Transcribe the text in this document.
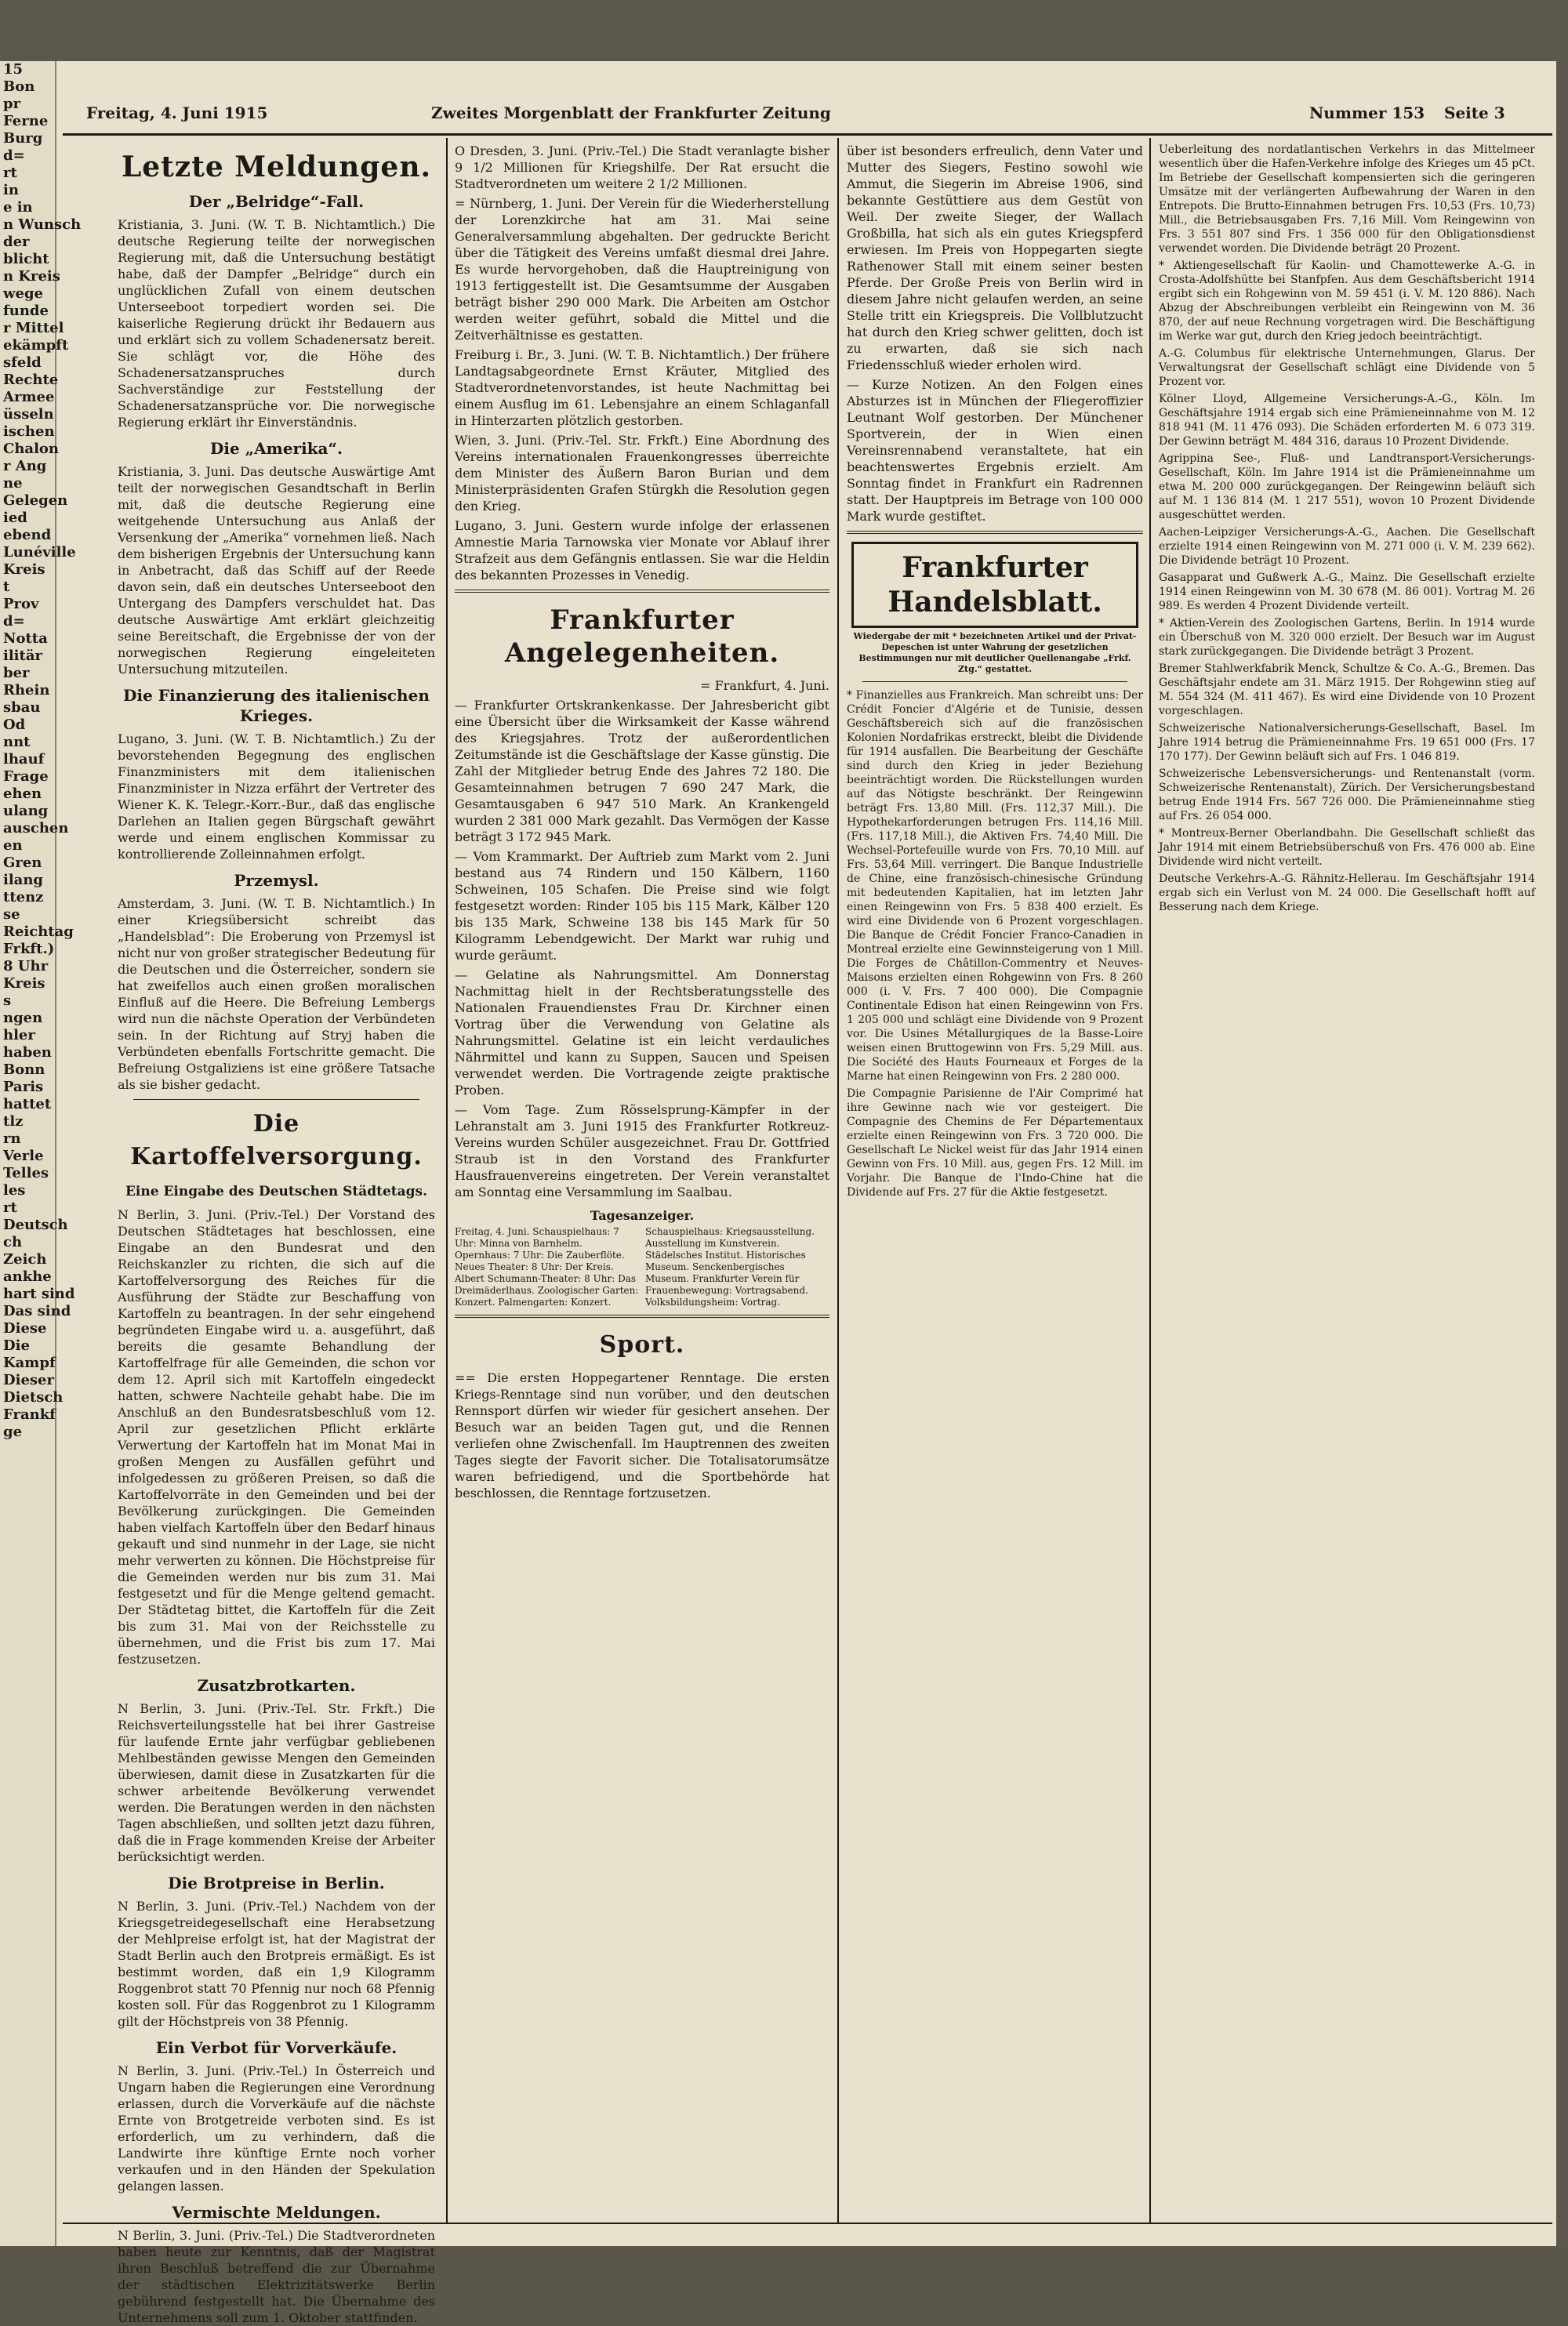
15
Bon
pr
Ferne
Burg
d=
rt
in
e in
n Wunsch
der
blicht
n Kreis
wege
funde
r Mittel
ekämpft
sfeld
Rechte
Armee
üsseln
ischen
Chalon
r Ang
ne
Gelegen
ied
ebend
Lunéville
Kreis
t
Prov
d=
Notta
ilitär
ber
Rhein
sbau
Od
nnt
lhauf
Frage
ehen
ulang
auschen
en
Gren
ilang
ttenz
se
Reichtag
Frkft.)
8 Uhr
Kreis
s
ngen
hler
haben
Bonn
Paris
hattet
tlz
rn
Verle
Telles
les
rt
Deutsch
ch
Zeich
ankhe
hart sind
Das sind
Diese
Die
Kampf
Dieser
Dietsch
Frankf
ge
Freitag, 4. Juni 1915	Zweites Morgenblatt der Frankfurter Zeitung	Nummer 153 Seite 3
Letzte Meldungen.
Der „Belridge“-Fall.

Kristiania, 3. Juni. (W. T. B. Nichtamtlich.) Die deutsche Regierung teilte der norwegischen Regierung mit, daß die Untersuchung bestätigt habe, daß der Dampfer „Belridge“ durch ein unglücklichen Zufall von einem deutschen Unterseeboot torpediert worden sei. Die kaiserliche Regierung drückt ihr Bedauern aus und erklärt sich zu vollem Schadenersatz bereit. Sie schlägt vor, die Höhe des Schadenersatzanspruches durch Sachverständige zur Feststellung der Schadenersatzansprüche vor. Die norwegische Regierung erklärt ihr Einverständnis.

Die „Amerika“.

Kristiania, 3. Juni. Das deutsche Auswärtige Amt teilt der norwegischen Gesandtschaft in Berlin mit, daß die deutsche Regierung eine weitgehende Untersuchung aus Anlaß der Versenkung der „Amerika“ vornehmen ließ. Nach dem bisherigen Ergebnis der Untersuchung kann in Anbetracht, daß das Schiff auf der Reede davon sein, daß ein deutsches Unterseeboot den Untergang des Dampfers verschuldet hat. Das deutsche Auswärtige Amt erklärt gleichzeitig seine Bereitschaft, die Ergebnisse der von der norwegischen Regierung eingeleiteten Untersuchung mitzuteilen.

Die Finanzierung des italienischen Krieges.

Lugano, 3. Juni. (W. T. B. Nichtamtlich.) Zu der bevorstehenden Begegnung des englischen Finanzministers mit dem italienischen Finanzminister in Nizza erfährt der Vertreter des Wiener K. K. Telegr.-Korr.-Bur., daß das englische Darlehen an Italien gegen Bürgschaft gewährt werde und einem englischen Kommissar zu kontrollierende Zolleinnahmen erfolgt.

Przemysl.

Amsterdam, 3. Juni. (W. T. B. Nichtamtlich.) In einer Kriegsübersicht schreibt das „Handelsblad“: Die Eroberung von Przemysl ist nicht nur von großer strategischer Bedeutung für die Deutschen und die Österreicher, sondern sie hat zweifellos auch einen großen moralischen Einfluß auf die Heere. Die Befreiung Lembergs wird nun die nächste Operation der Verbündeten sein. In der Richtung auf Stryj haben die Verbündeten ebenfalls Fortschritte gemacht. Die Befreiung Ostgaliziens ist eine größere Tatsache als sie bisher gedacht.

Die Kartoffelversorgung.
Eine Eingabe des Deutschen Städtetags.

N Berlin, 3. Juni. (Priv.-Tel.) Der Vorstand des Deutschen Städtetages hat beschlossen, eine Eingabe an den Bundesrat und den Reichskanzler zu richten, die sich auf die Kartoffelversorgung des Reiches für die Ausführung der Städte zur Beschaffung von Kartoffeln zu beantragen. In der sehr eingehend begründeten Eingabe wird u. a. ausgeführt, daß bereits die gesamte Behandlung der Kartoffelfrage für alle Gemeinden, die schon vor dem 12. April sich mit Kartoffeln eingedeckt hatten, schwere Nachteile gehabt habe. Die im Anschluß an den Bundesratsbeschluß vom 12. April zur gesetzlichen Pflicht erklärte Verwertung der Kartoffeln hat im Monat Mai in großen Mengen zu Ausfällen geführt und infolgedessen zu größeren Preisen, so daß die Kartoffelvorräte in den Gemeinden und bei der Bevölkerung zurückgingen. Die Gemeinden haben vielfach Kartoffeln über den Bedarf hinaus gekauft und sind nunmehr in der Lage, sie nicht mehr verwerten zu können. Die Höchstpreise für die Gemeinden werden nur bis zum 31. Mai festgesetzt und für die Menge geltend gemacht. Der Städtetag bittet, die Kartoffeln für die Zeit bis zum 31. Mai von der Reichsstelle zu übernehmen, und die Frist bis zum 17. Mai festzusetzen.

Zusatzbrotkarten.

N Berlin, 3. Juni. (Priv.-Tel. Str. Frkft.) Die Reichsverteilungsstelle hat bei ihrer Gastreise für laufende Ernte jahr verfügbar gebliebenen Mehlbeständen gewisse Mengen den Gemeinden überwiesen, damit diese in Zusatzkarten für die schwer arbeitende Bevölkerung verwendet werden. Die Beratungen werden in den nächsten Tagen abschließen, und sollten jetzt dazu führen, daß die in Frage kommenden Kreise der Arbeiter berücksichtigt werden.

Die Brotpreise in Berlin.

N Berlin, 3. Juni. (Priv.-Tel.) Nachdem von der Kriegsgetreidegesellschaft eine Herabsetzung der Mehlpreise erfolgt ist, hat der Magistrat der Stadt Berlin auch den Brotpreis ermäßigt. Es ist bestimmt worden, daß ein 1,9 Kilogramm Roggenbrot statt 70 Pfennig nur noch 68 Pfennig kosten soll. Für das Roggenbrot zu 1 Kilogramm gilt der Höchstpreis von 38 Pfennig.

Ein Verbot für Vorverkäufe.

N Berlin, 3. Juni. (Priv.-Tel.) In Österreich und Ungarn haben die Regierungen eine Verordnung erlassen, durch die Vorverkäufe auf die nächste Ernte von Brotgetreide verboten sind. Es ist erforderlich, um zu verhindern, daß die Landwirte ihre künftige Ernte noch vorher verkaufen und in den Händen der Spekulation gelangen lassen.

Vermischte Meldungen.

N Berlin, 3. Juni. (Priv.-Tel.) Die Stadtverordneten haben heute zur Kenntnis, daß der Magistrat ihren Beschluß betreffend die zur Übernahme der städtischen Elektrizitätswerke Berlin gebührend festgestellt hat. Die Übernahme des Unternehmens soll zum 1. Oktober stattfinden.

O Dresden, 3. Juni. (Priv.-Tel.) Die Stadt veranlagte bisher 9 1/2 Millionen für Kriegshilfe. Der Rat ersucht die Stadtverordneten um weitere 2 1/2 Millionen.

= Nürnberg, 1. Juni. Der Verein für die Wiederherstellung der Lorenzkirche hat am 31. Mai seine Generalversammlung abgehalten. Der gedruckte Bericht über die Tätigkeit des Vereins umfaßt diesmal drei Jahre. Es wurde hervorgehoben, daß die Hauptreinigung von 1913 fertiggestellt ist. Die Gesamtsumme der Ausgaben beträgt bisher 290 000 Mark. Die Arbeiten am Ostchor werden weiter geführt, sobald die Mittel und die Zeitverhältnisse es gestatten.

Freiburg i. Br., 3. Juni. (W. T. B. Nichtamtlich.) Der frühere Landtagsabgeordnete Ernst Kräuter, Mitglied des Stadtverordnetenvorstandes, ist heute Nachmittag bei einem Ausflug im 61. Lebensjahre an einem Schlaganfall in Hinterzarten plötzlich gestorben.

Wien, 3. Juni. (Priv.-Tel. Str. Frkft.) Eine Abordnung des Vereins internationalen Frauenkongresses überreichte dem Minister des Äußern Baron Burian und dem Ministerpräsidenten Grafen Stürgkh die Resolution gegen den Krieg.

Lugano, 3. Juni. Gestern wurde infolge der erlassenen Amnestie Maria Tarnowska vier Monate vor Ablauf ihrer Strafzeit aus dem Gefängnis entlassen. Sie war die Heldin des bekannten Prozesses in Venedig.

Frankfurter Angelegenheiten.

= Frankfurt, 4. Juni.

— Frankfurter Ortskrankenkasse. Der Jahresbericht gibt eine Übersicht über die Wirksamkeit der Kasse während des Kriegsjahres. Trotz der außerordentlichen Zeitumstände ist die Geschäftslage der Kasse günstig. Die Zahl der Mitglieder betrug Ende des Jahres 72 180. Die Gesamteinnahmen betrugen 7 690 247 Mark, die Gesamtausgaben 6 947 510 Mark. An Krankengeld wurden 2 381 000 Mark gezahlt. Das Vermögen der Kasse beträgt 3 172 945 Mark.

— Vom Krammarkt. Der Auftrieb zum Markt vom 2. Juni bestand aus 74 Rindern und 150 Kälbern, 1160 Schweinen, 105 Schafen. Die Preise sind wie folgt festgesetzt worden: Rinder 105 bis 115 Mark, Kälber 120 bis 135 Mark, Schweine 138 bis 145 Mark für 50 Kilogramm Lebendgewicht. Der Markt war ruhig und wurde geräumt.

— Gelatine als Nahrungsmittel. Am Donnerstag Nachmittag hielt in der Rechtsberatungsstelle des Nationalen Frauendienstes Frau Dr. Kirchner einen Vortrag über die Verwendung von Gelatine als Nahrungsmittel. Gelatine ist ein leicht verdauliches Nährmittel und kann zu Suppen, Saucen und Speisen verwendet werden. Die Vortragende zeigte praktische Proben.

— Vom Tage. Zum Rösselsprung-Kämpfer in der Lehranstalt am 3. Juni 1915 des Frankfurter Rotkreuz-Vereins wurden Schüler ausgezeichnet. Frau Dr. Gottfried Straub ist in den Vorstand des Frankfurter Hausfrauenvereins eingetreten. Der Verein veranstaltet am Sonntag eine Versammlung im Saalbau.

Tagesanzeiger.
Freitag, 4. Juni. Schauspielhaus: 7 Uhr: Minna von Barnhelm. Opernhaus: 7 Uhr: Die Zauberflöte. Neues Theater: 8 Uhr: Der Kreis. Albert Schumann-Theater: 8 Uhr: Das Dreimäderlhaus. Zoologischer Garten: Konzert. Palmengarten: Konzert.
Schauspielhaus: Kriegsausstellung. Ausstellung im Kunstverein. Städelsches Institut. Historisches Museum. Senckenbergisches Museum. Frankfurter Verein für Frauenbewegung: Vortragsabend. Volksbildungsheim: Vortrag.
Sport.

== Die ersten Hoppegartener Renntage. Die ersten Kriegs-Renntage sind nun vorüber, und den deutschen Rennsport dürfen wir wieder für gesichert ansehen. Der Besuch war an beiden Tagen gut, und die Rennen verliefen ohne Zwischenfall. Im Hauptrennen des zweiten Tages siegte der Favorit sicher. Die Totalisatorumsätze waren befriedigend, und die Sportbehörde hat beschlossen, die Renntage fortzusetzen.

über ist besonders erfreulich, denn Vater und Mutter des Siegers, Festino sowohl wie Ammut, die Siegerin im Abreise 1906, sind bekannte Gestüttiere aus dem Gestüt von Weil. Der zweite Sieger, der Wallach Großbilla, hat sich als ein gutes Kriegspferd erwiesen. Im Preis von Hoppegarten siegte Rathenower Stall mit einem seiner besten Pferde. Der Große Preis von Berlin wird in diesem Jahre nicht gelaufen werden, an seine Stelle tritt ein Kriegspreis. Die Vollblutzucht hat durch den Krieg schwer gelitten, doch ist zu erwarten, daß sie sich nach Friedensschluß wieder erholen wird.

— Kurze Notizen. An den Folgen eines Absturzes ist in München der Fliegeroffizier Leutnant Wolf gestorben. Der Münchener Sportverein, der in Wien einen Vereinsrennabend veranstaltete, hat ein beachtenswertes Ergebnis erzielt. Am Sonntag findet in Frankfurt ein Radrennen statt. Der Hauptpreis im Betrage von 100 000 Mark wurde gestiftet.

Frankfurter Handelsblatt.
Wiedergabe der mit * bezeichneten Artikel und der Privat-Depeschen ist unter Wahrung der gesetzlichen Bestimmungen nur mit deutlicher Quellenangabe „Frkf. Ztg.“ gestattet.

* Finanzielles aus Frankreich. Man schreibt uns: Der Crédit Foncier d'Algérie et de Tunisie, dessen Geschäftsbereich sich auf die französischen Kolonien Nordafrikas erstreckt, bleibt die Dividende für 1914 ausfallen. Die Bearbeitung der Geschäfte sind durch den Krieg in jeder Beziehung beeinträchtigt worden. Die Rückstellungen wurden auf das Nötigste beschränkt. Der Reingewinn beträgt Frs. 13,80 Mill. (Frs. 112,37 Mill.). Die Hypothekarforderungen betrugen Frs. 114,16 Mill. (Frs. 117,18 Mill.), die Aktiven Frs. 74,40 Mill. Die Wechsel-Portefeuille wurde von Frs. 70,10 Mill. auf Frs. 53,64 Mill. verringert. Die Banque Industrielle de Chine, eine französisch-chinesische Gründung mit bedeutenden Kapitalien, hat im letzten Jahr einen Reingewinn von Frs. 5 838 400 erzielt. Es wird eine Dividende von 6 Prozent vorgeschlagen. Die Banque de Crédit Foncier Franco-Canadien in Montreal erzielte eine Gewinnsteigerung von 1 Mill. Die Forges de Châtillon-Commentry et Neuves-Maisons erzielten einen Rohgewinn von Frs. 8 260 000 (i. V. Frs. 7 400 000). Die Compagnie Continentale Edison hat einen Reingewinn von Frs. 1 205 000 und schlägt eine Dividende von 9 Prozent vor. Die Usines Métallurgiques de la Basse-Loire weisen einen Bruttogewinn von Frs. 5,29 Mill. aus. Die Société des Hauts Fourneaux et Forges de la Marne hat einen Reingewinn von Frs. 2 280 000.

Die Compagnie Parisienne de l'Air Comprimé hat ihre Gewinne nach wie vor gesteigert. Die Compagnie des Chemins de Fer Départementaux erzielte einen Reingewinn von Frs. 3 720 000. Die Gesellschaft Le Nickel weist für das Jahr 1914 einen Gewinn von Frs. 10 Mill. aus, gegen Frs. 12 Mill. im Vorjahr. Die Banque de l'Indo-Chine hat die Dividende auf Frs. 27 für die Aktie festgesetzt.

Ueberleitung des nordatlantischen Verkehrs in das Mittelmeer wesentlich über die Hafen-Verkehre infolge des Krieges um 45 pCt. Im Betriebe der Gesellschaft kompensierten sich die geringeren Umsätze mit der verlängerten Aufbewahrung der Waren in den Entrepots. Die Brutto-Einnahmen betrugen Frs. 10,53 (Frs. 10,73) Mill., die Betriebsausgaben Frs. 7,16 Mill. Vom Reingewinn von Frs. 3 551 807 sind Frs. 1 356 000 für den Obligationsdienst verwendet worden. Die Dividende beträgt 20 Prozent.

* Aktiengesellschaft für Kaolin- und Chamottewerke A.-G. in Crosta-Adolfshütte bei Stanfpfen. Aus dem Geschäftsbericht 1914 ergibt sich ein Rohgewinn von M. 59 451 (i. V. M. 120 886). Nach Abzug der Abschreibungen verbleibt ein Reingewinn von M. 36 870, der auf neue Rechnung vorgetragen wird. Die Beschäftigung im Werke war gut, durch den Krieg jedoch beeinträchtigt.

A.-G. Columbus für elektrische Unternehmungen, Glarus. Der Verwaltungsrat der Gesellschaft schlägt eine Dividende von 5 Prozent vor.

Kölner Lloyd, Allgemeine Versicherungs-A.-G., Köln. Im Geschäftsjahre 1914 ergab sich eine Prämieneinnahme von M. 12 818 941 (M. 11 476 093). Die Schäden erforderten M. 6 073 319. Der Gewinn beträgt M. 484 316, daraus 10 Prozent Dividende.

Agrippina See-, Fluß- und Landtransport-Versicherungs-Gesellschaft, Köln. Im Jahre 1914 ist die Prämieneinnahme um etwa M. 200 000 zurückgegangen. Der Reingewinn beläuft sich auf M. 1 136 814 (M. 1 217 551), wovon 10 Prozent Dividende ausgeschüttet werden.

Aachen-Leipziger Versicherungs-A.-G., Aachen. Die Gesellschaft erzielte 1914 einen Reingewinn von M. 271 000 (i. V. M. 239 662). Die Dividende beträgt 10 Prozent.

Gasapparat und Gußwerk A.-G., Mainz. Die Gesellschaft erzielte 1914 einen Reingewinn von M. 30 678 (M. 86 001). Vortrag M. 26 989. Es werden 4 Prozent Dividende verteilt.

* Aktien-Verein des Zoologischen Gartens, Berlin. In 1914 wurde ein Überschuß von M. 320 000 erzielt. Der Besuch war im August stark zurückgegangen. Die Dividende beträgt 3 Prozent.

Bremer Stahlwerkfabrik Menck, Schultze & Co. A.-G., Bremen. Das Geschäftsjahr endete am 31. März 1915. Der Rohgewinn stieg auf M. 554 324 (M. 411 467). Es wird eine Dividende von 10 Prozent vorgeschlagen.

Schweizerische Nationalversicherungs-Gesellschaft, Basel. Im Jahre 1914 betrug die Prämieneinnahme Frs. 19 651 000 (Frs. 17 170 177). Der Gewinn beläuft sich auf Frs. 1 046 819.

Schweizerische Lebensversicherungs- und Rentenanstalt (vorm. Schweizerische Rentenanstalt), Zürich. Der Versicherungsbestand betrug Ende 1914 Frs. 567 726 000. Die Prämieneinnahme stieg auf Frs. 26 054 000.

* Montreux-Berner Oberlandbahn. Die Gesellschaft schließt das Jahr 1914 mit einem Betriebsüberschuß von Frs. 476 000 ab. Eine Dividende wird nicht verteilt.

Deutsche Verkehrs-A.-G. Rähnitz-Hellerau. Im Geschäftsjahr 1914 ergab sich ein Verlust von M. 24 000. Die Gesellschaft hofft auf Besserung nach dem Kriege.
